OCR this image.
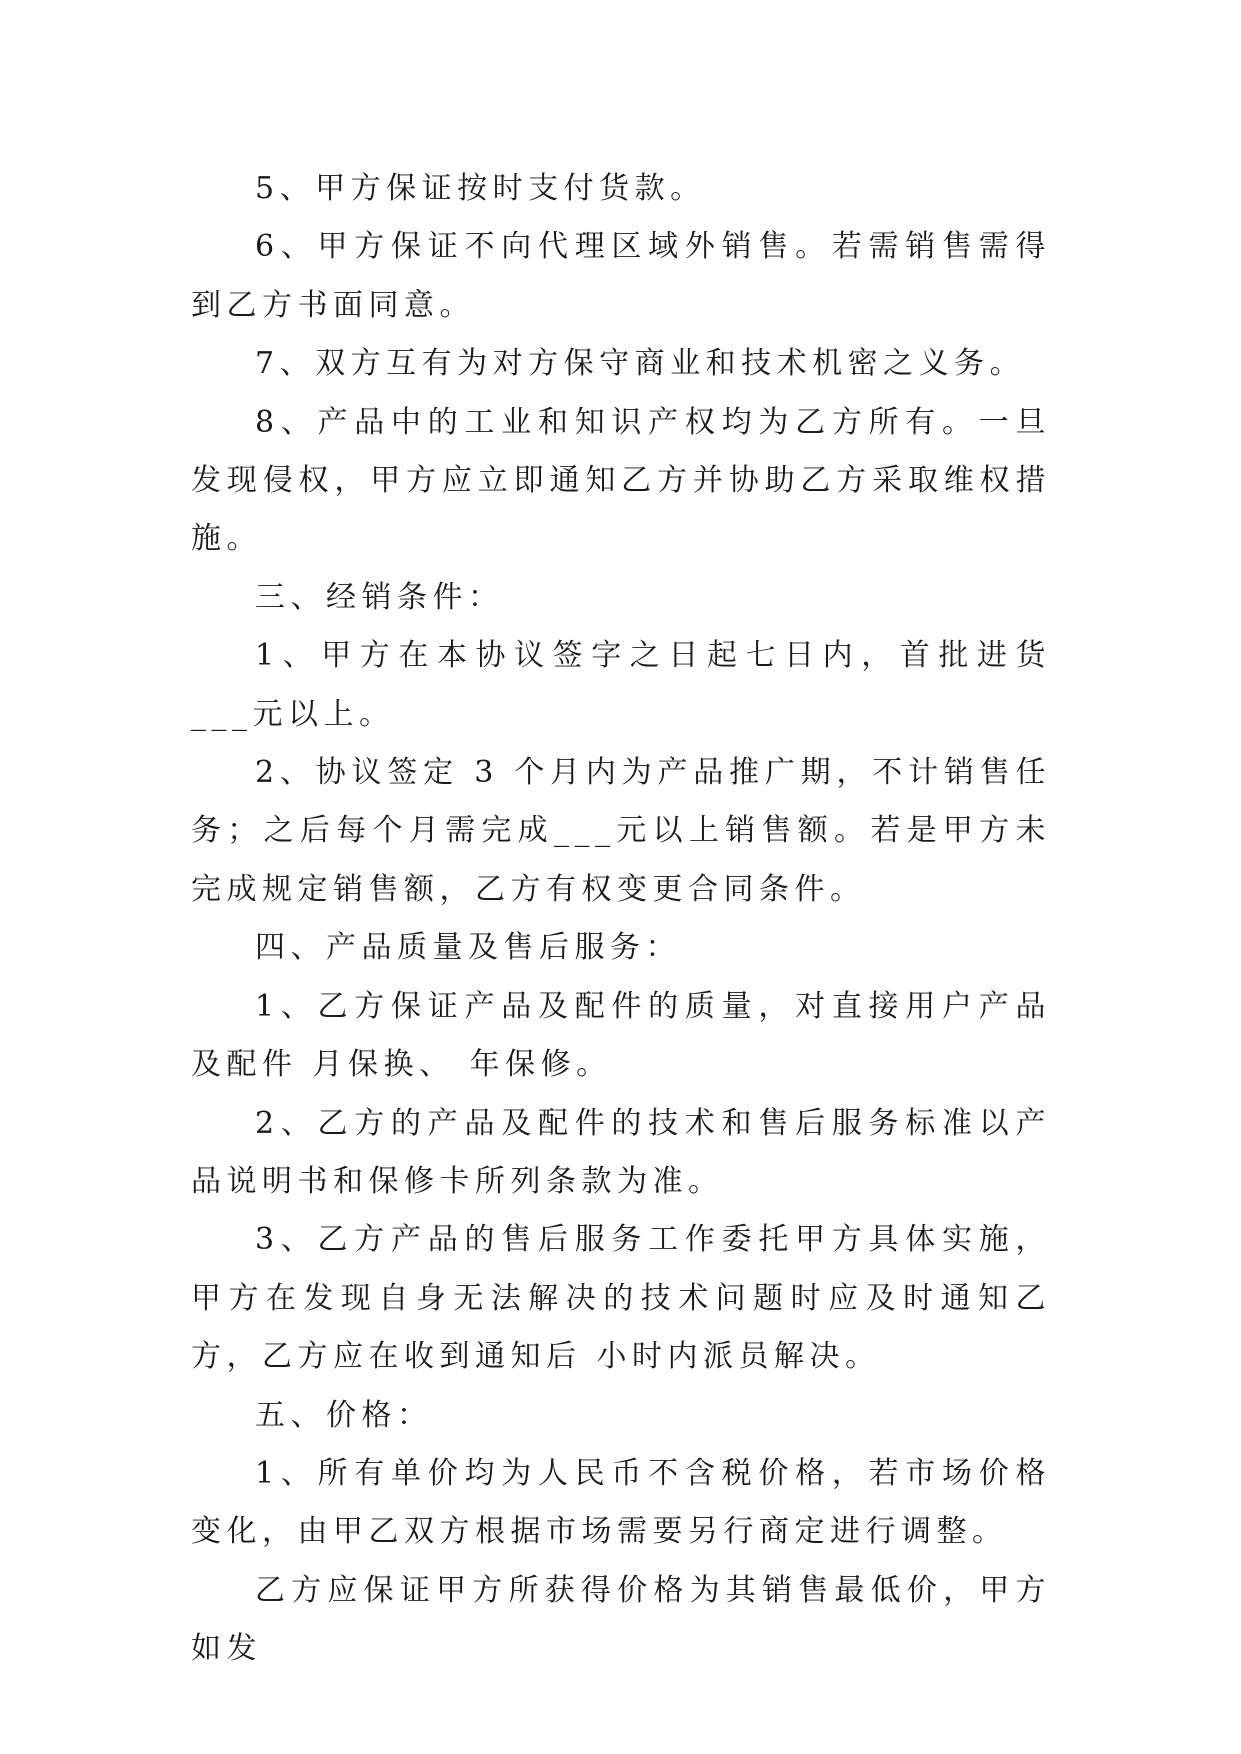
5、甲方保证按时支付货款。

6、甲方保证不向代理区域外销售。若需销售需得到乙方书面同意。

7、双方互有为对方保守商业和技术机密之义务。

8、产品中的工业和知识产权均为乙方所有。一旦发现侵权，甲方应立即通知乙方并协助乙方采取维权措施。

三、经销条件：

1、甲方在本协议签字之日起七日内，首批进货___元以上。

2、协议签定 3 个月内为产品推广期，不计销售任务；之后每个月需完成___元以上销售额。若是甲方未完成规定销售额，乙方有权变更合同条件。

四、产品质量及售后服务：

1、乙方保证产品及配件的质量，对直接用户产品及配件 月保换、 年保修。

2、乙方的产品及配件的技术和售后服务标准以产品说明书和保修卡所列条款为准。

3、乙方产品的售后服务工作委托甲方具体实施，甲方在发现自身无法解决的技术问题时应及时通知乙方，乙方应在收到通知后 小时内派员解决。

五、价格：

1、所有单价均为人民币不含税价格，若市场价格变化，由甲乙双方根据市场需要另行商定进行调整。

乙方应保证甲方所获得价格为其销售最低价，甲方如发
